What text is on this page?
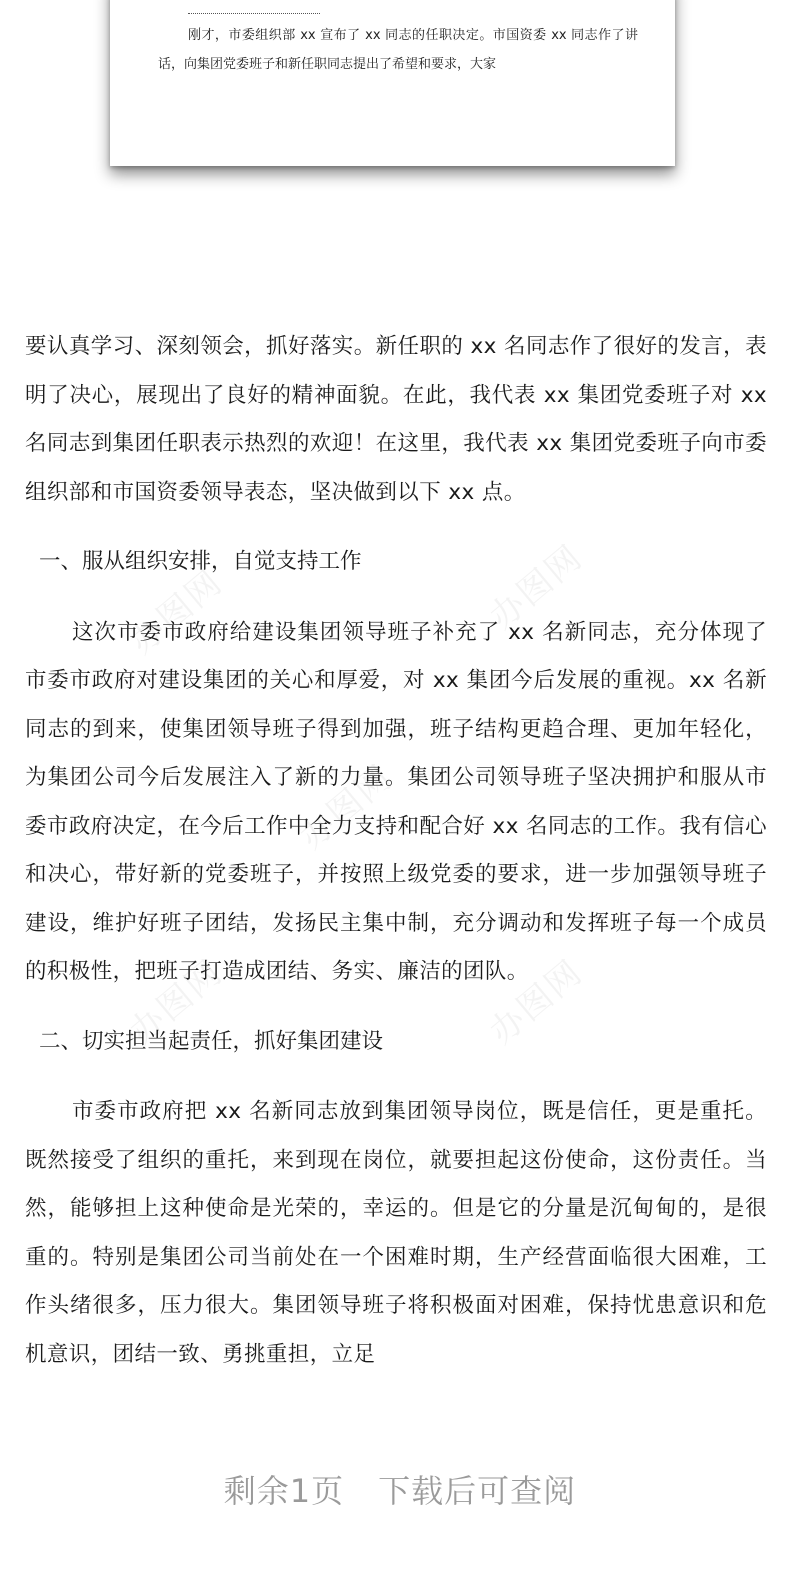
刚才，市委组织部 xx 宣布了 xx 同志的任职决定。市国资委 xx 同志作了讲话，向集团党委班子和新任职同志提出了希望和要求，大家

办图网	办图网
办图网
办图网	办图网

要认真学习、深刻领会，抓好落实。新任职的 xx 名同志作了很好的发言，表明了决心，展现出了良好的精神面貌。在此，我代表 xx 集团党委班子对 xx 名同志到集团任职表示热烈的欢迎！在这里，我代表 xx 集团党委班子向市委组织部和市国资委领导表态，坚决做到以下 xx 点。

一、服从组织安排，自觉支持工作

这次市委市政府给建设集团领导班子补充了 xx 名新同志，充分体现了市委市政府对建设集团的关心和厚爱，对 xx 集团今后发展的重视。xx 名新同志的到来，使集团领导班子得到加强，班子结构更趋合理、更加年轻化，为集团公司今后发展注入了新的力量。集团公司领导班子坚决拥护和服从市委市政府决定，在今后工作中全力支持和配合好 xx 名同志的工作。我有信心和决心，带好新的党委班子，并按照上级党委的要求，进一步加强领导班子建设，维护好班子团结，发扬民主集中制，充分调动和发挥班子每一个成员的积极性，把班子打造成团结、务实、廉洁的团队。

二、切实担当起责任，抓好集团建设

市委市政府把 xx 名新同志放到集团领导岗位，既是信任，更是重托。既然接受了组织的重托，来到现在岗位，就要担起这份使命，这份责任。当然，能够担上这种使命是光荣的，幸运的。但是它的分量是沉甸甸的，是很重的。特别是集团公司当前处在一个困难时期，生产经营面临很大困难，工作头绪很多，压力很大。集团领导班子将积极面对困难，保持忧患意识和危机意识，团结一致、勇挑重担，立足

剩余1页 下载后可查阅
